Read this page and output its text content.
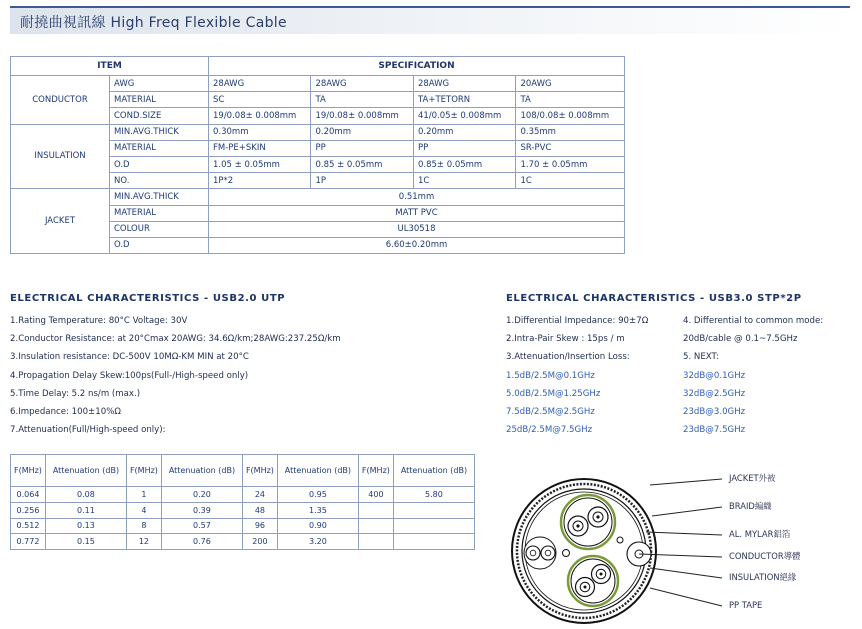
耐撓曲視訊線 High Freq Flexible Cable
ITEM		SPECIFICATION			
CONDUCTOR	AWG	28AWG	28AWG	28AWG	20AWG
	MATERIAL	SC	TA	TA+TETORN	TA
	COND.SIZE	19/0.08± 0.008mm	19/0.08± 0.008mm	41/0.05± 0.008mm	108/0.08± 0.008mm
INSULATION	MIN.AVG.THICK	0.30mm	0.20mm	0.20mm	0.35mm
	MATERIAL	FM-PE+SKIN	PP	PP	SR-PVC
	O.D	1.05 ± 0.05mm	0.85 ± 0.05mm	0.85± 0.05mm	1.70 ± 0.05mm
	NO.	1P*2	1P	1C	1C
JACKET	MIN.AVG.THICK	0.51mm			
	MATERIAL	MATT PVC			
	COLOUR	UL30518			
	O.D	6.60±0.20mm			
ELECTRICAL CHARACTERISTICS - USB2.0 UTP
1.Rating Temperature: 80°C Voltage: 30V
2.Conductor Resistance: at 20°Cmax 20AWG: 34.6Ω/km;28AWG:237.25Ω/km
3.Insulation resistance: DC-500V 10MΩ-KM MIN at 20°C
4.Propagation Delay Skew:100ps(Full-/High-speed only)
5.Time Delay: 5.2 ns/m (max.)
6.Impedance: 100±10%Ω
7.Attenuation(Full/High-speed only):
ELECTRICAL CHARACTERISTICS - USB3.0 STP*2P
1.Differential Impedance: 90±7Ω
2.Intra-Pair Skew : 15ps / m
3.Attenuation/Insertion Loss:
1.5dB/2.5M@0.1GHz
5.0dB/2.5M@1.25GHz
7.5dB/2.5M@2.5GHz
25dB/2.5M@7.5GHz
4. Differential to common mode:
20dB/cable @ 0.1~7.5GHz
5. NEXT:
32dB@0.1GHz
32dB@2.5GHz
23dB@3.0GHz
23dB@7.5GHz
F(MHz)	Attenuation (dB)	F(MHz)	Attenuation (dB)	F(MHz)	Attenuation (dB)	F(MHz)	Attenuation (dB)
0.064	0.08	1	0.20	24	0.95	400	5.80
0.256	0.11	4	0.39	48	1.35		
0.512	0.13	8	0.57	96	0.90		
0.772	0.15	12	0.76	200	3.20		
JACKET外被
BRAID編織
AL. MYLAR鋁箔
CONDUCTOR導體
INSULATION絕緣
PP TAPE
